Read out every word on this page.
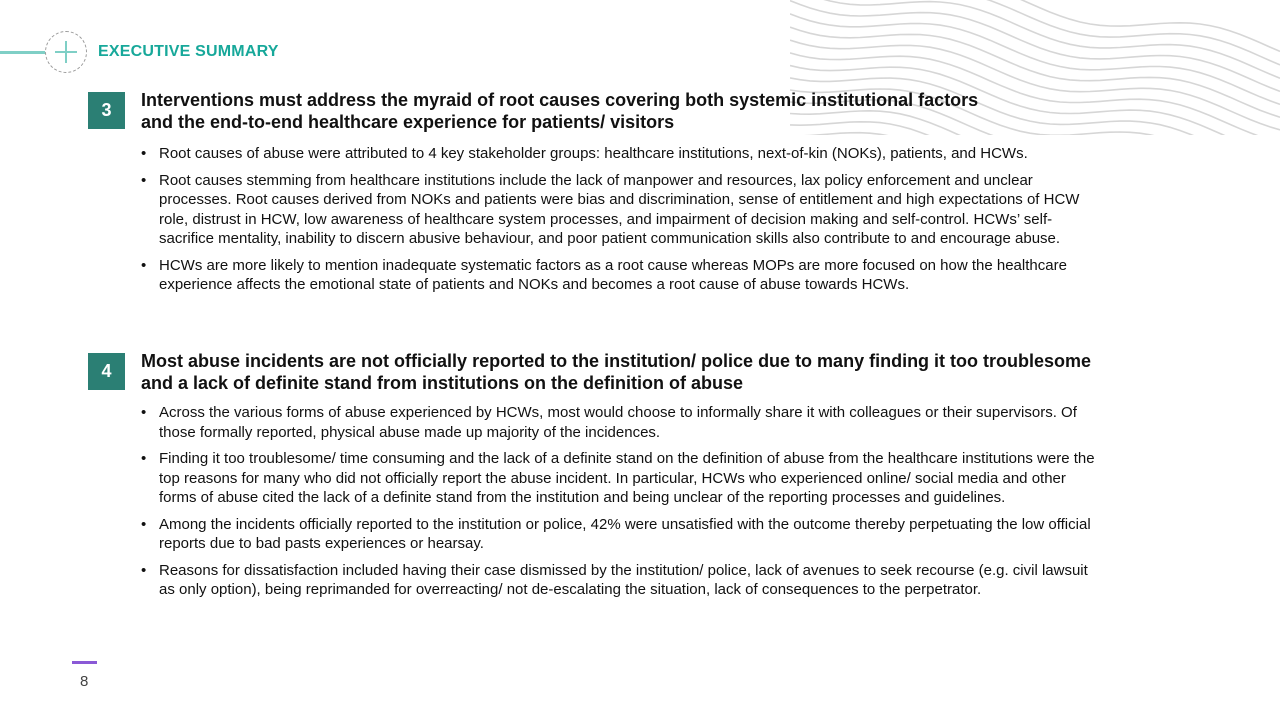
EXECUTIVE SUMMARY
3	Interventions must address the myraid of root causes covering both systemic institutional factors
and the end-to-end healthcare experience for patients/ visitors
• Root causes of abuse were attributed to 4 key stakeholder groups: healthcare institutions, next-of-kin (NOKs), patients, and HCWs.
• Root causes stemming from healthcare institutions include the lack of manpower and resources, lax policy enforcement and unclear processes. Root causes derived from NOKs and patients were bias and discrimination, sense of entitlement and high expectations of HCW role, distrust in HCW, low awareness of healthcare system processes, and impairment of decision making and self-control. HCWs’ self-sacrifice mentality, inability to discern abusive behaviour, and poor patient communication skills also contribute to and encourage abuse.
• HCWs are more likely to mention inadequate systematic factors as a root cause whereas MOPs are more focused on how the healthcare experience affects the emotional state of patients and NOKs and becomes a root cause of abuse towards HCWs.
4	Most abuse incidents are not officially reported to the institution/ police due to many finding it too troublesome
and a lack of definite stand from institutions on the definition of abuse
• Across the various forms of abuse experienced by HCWs, most would choose to informally share it with colleagues or their supervisors. Of those formally reported, physical abuse made up majority of the incidences.
• Finding it too troublesome/ time consuming and the lack of a definite stand on the definition of abuse from the healthcare institutions were the top reasons for many who did not officially report the abuse incident. In particular, HCWs who experienced online/ social media and other forms of abuse cited the lack of a definite stand from the institution and being unclear of the reporting processes and guidelines.
• Among the incidents officially reported to the institution or police, 42% were unsatisfied with the outcome thereby perpetuating the low official reports due to bad pasts experiences or hearsay.
• Reasons for dissatisfaction included having their case dismissed by the institution/ police, lack of avenues to seek recourse (e.g. civil lawsuit as only option), being reprimanded for overreacting/ not de-escalating the situation, lack of consequences to the perpetrator.
8
